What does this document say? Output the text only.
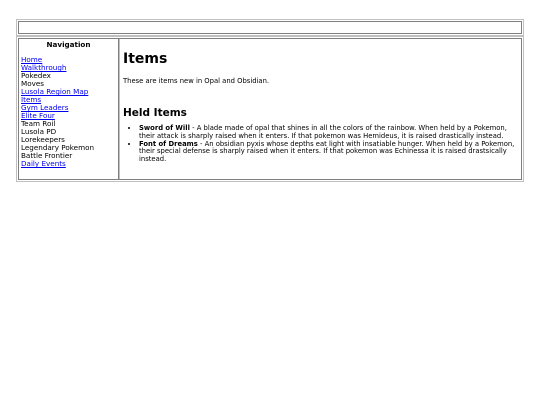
Navigation
Home
Walkthrough
Pokedex
Moves
Lusola Region Map
Items
Gym Leaders
Elite Four
Team Roil
Lusola PD
Lorekeepers
Legendary Pokemon
Battle Frontier
Daily Events
Items

These are items new in Opal and Obsidian.

Held Items
• Sword of Will - A blade made of opal that shines in all the colors of the rainbow. When held by a Pokemon, their attack is sharply raised when it enters. If that pokemon was Hemideus, it is raised drastically instead.
• Font of Dreams - An obsidian pyxis whose depths eat light with insatiable hunger. When held by a Pokemon, their special defense is sharply raised when it enters. If that pokemon was Echinessa it is raised drastsically instead.
